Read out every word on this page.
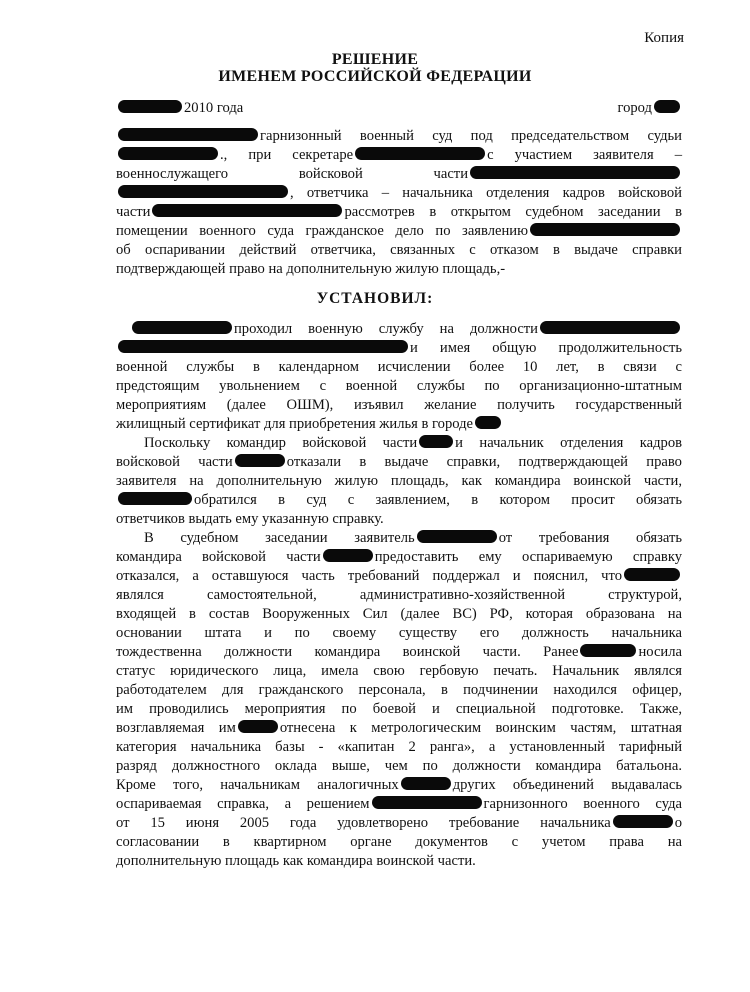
Копия
РЕШЕНИЕ
ИМЕНЕМ РОССИЙСКОЙ ФЕДЕРАЦИИ
2010 года	город
гарнизонный военный суд под председательством судьи
., при секретаре	с участием заявителя –
военнослужащего войсковой части
, ответчика – начальника отделения кадров войсковой
части	рассмотрев в открытом судебном заседании в
помещении военного суда гражданское дело по заявлению
об оспаривании действий ответчика, связанных с отказом в выдаче справки
подтверждающей право на дополнительную жилую площадь,-
УСТАНОВИЛ:
проходил военную службу на должности
и имея общую продолжительность
военной службы в календарном исчислении более 10 лет, в связи с
предстоящим увольнением с военной службы по организационно-штатным
мероприятиям (далее ОШМ), изъявил желание получить государственный
жилищный сертификат для приобретения жилья в городе
Поскольку командир войсковой части	и начальник отделения кадров
войсковой части	отказали в выдаче справки, подтверждающей право
заявителя на дополнительную жилую площадь, как командира воинской части,
обратился в суд с заявлением, в котором просит обязать
ответчиков выдать ему указанную справку.
В судебном заседании заявитель	от требования обязать
командира войсковой части	предоставить ему оспариваемую справку
отказался, а оставшуюся часть требований поддержал и пояснил, что
являлся самостоятельной, административно-хозяйственной структурой,
входящей в состав Вооруженных Сил (далее ВС) РФ, которая образована на
основании штата и по своему существу его должность начальника
тождественна должности командира воинской части. Ранее	носила
статус юридического лица, имела свою гербовую печать. Начальник являлся
работодателем для гражданского персонала, в подчинении находился офицер,
им проводились мероприятия по боевой и специальной подготовке. Также,
возглавляемая им	отнесена к метрологическим воинским частям, штатная
категория начальника базы - «капитан 2 ранга», а установленный тарифный
разряд должностного оклада выше, чем по должности командира батальона.
Кроме того, начальникам аналогичных	других объединений выдавалась
оспариваемая справка, а решением	гарнизонного военного суда
от 15 июня 2005 года удовлетворено требование начальника	о
согласовании в квартирном органе документов с учетом права на
дополнительную площадь как командира воинской части.
